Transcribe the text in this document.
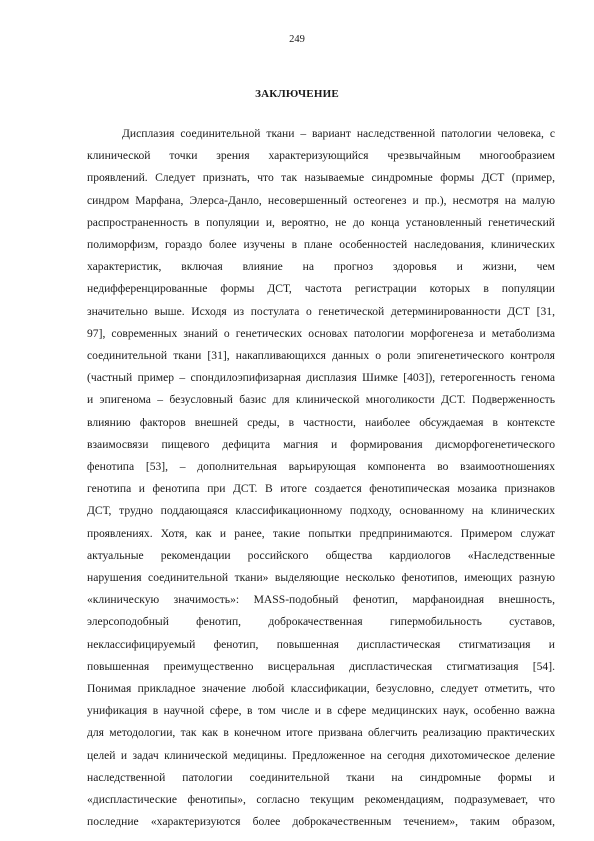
249
ЗАКЛЮЧЕНИЕ
Дисплазия соединительной ткани – вариант наследственной патологии человека, с
клинической точки зрения характеризующийся чрезвычайным многообразием
проявлений. Следует признать, что так называемые синдромные формы ДСТ (пример,
синдром Марфана, Элерса-Данло, несовершенный остеогенез и пр.), несмотря на малую
распространенность в популяции и, вероятно, не до конца установленный генетический
полиморфизм, гораздо более изучены в плане особенностей наследования, клинических
характеристик, включая влияние на прогноз здоровья и жизни, чем
недифференцированные формы ДСТ, частота регистрации которых в популяции
значительно выше. Исходя из постулата о генетической детерминированности ДСТ [31,
97], современных знаний о генетических основах патологии морфогенеза и метаболизма
соединительной ткани [31], накапливающихся данных о роли эпигенетического контроля
(частный пример – спондилоэпифизарная дисплазия Шимке [403]), гетерогенность генома
и эпигенома – безусловный базис для клинической многоликости ДСТ. Подверженность
влиянию факторов внешней среды, в частности, наиболее обсуждаемая в контексте
взаимосвязи пищевого дефицита магния и формирования дисморфогенетического
фенотипа [53], – дополнительная варьирующая компонента во взаимоотношениях
генотипа и фенотипа при ДСТ. В итоге создается фенотипическая мозаика признаков
ДСТ, трудно поддающаяся классификационному подходу, основанному на клинических
проявлениях. Хотя, как и ранее, такие попытки предпринимаются. Примером служат
актуальные рекомендации российского общества кардиологов «Наследственные
нарушения соединительной ткани» выделяющие несколько фенотипов, имеющих разную
«клиническую значимость»: MASS-подобный фенотип, марфаноидная внешность,
элерсоподобный фенотип, доброкачественная гипермобильность суставов,
неклассифицируемый фенотип, повышенная диспластическая стигматизация и
повышенная преимущественно висцеральная диспластическая стигматизация [54].
Понимая прикладное значение любой классификации, безусловно, следует отметить, что
унификация в научной сфере, в том числе и в сфере медицинских наук, особенно важна
для методологии, так как в конечном итоге призвана облегчить реализацию практических
целей и задач клинической медицины. Предложенное на сегодня дихотомическое деление
наследственной патологии соединительной ткани на синдромные формы и
«диспластические фенотипы», согласно текущим рекомендациям, подразумевает, что
последние «характеризуются более доброкачественным течением», таким образом,
